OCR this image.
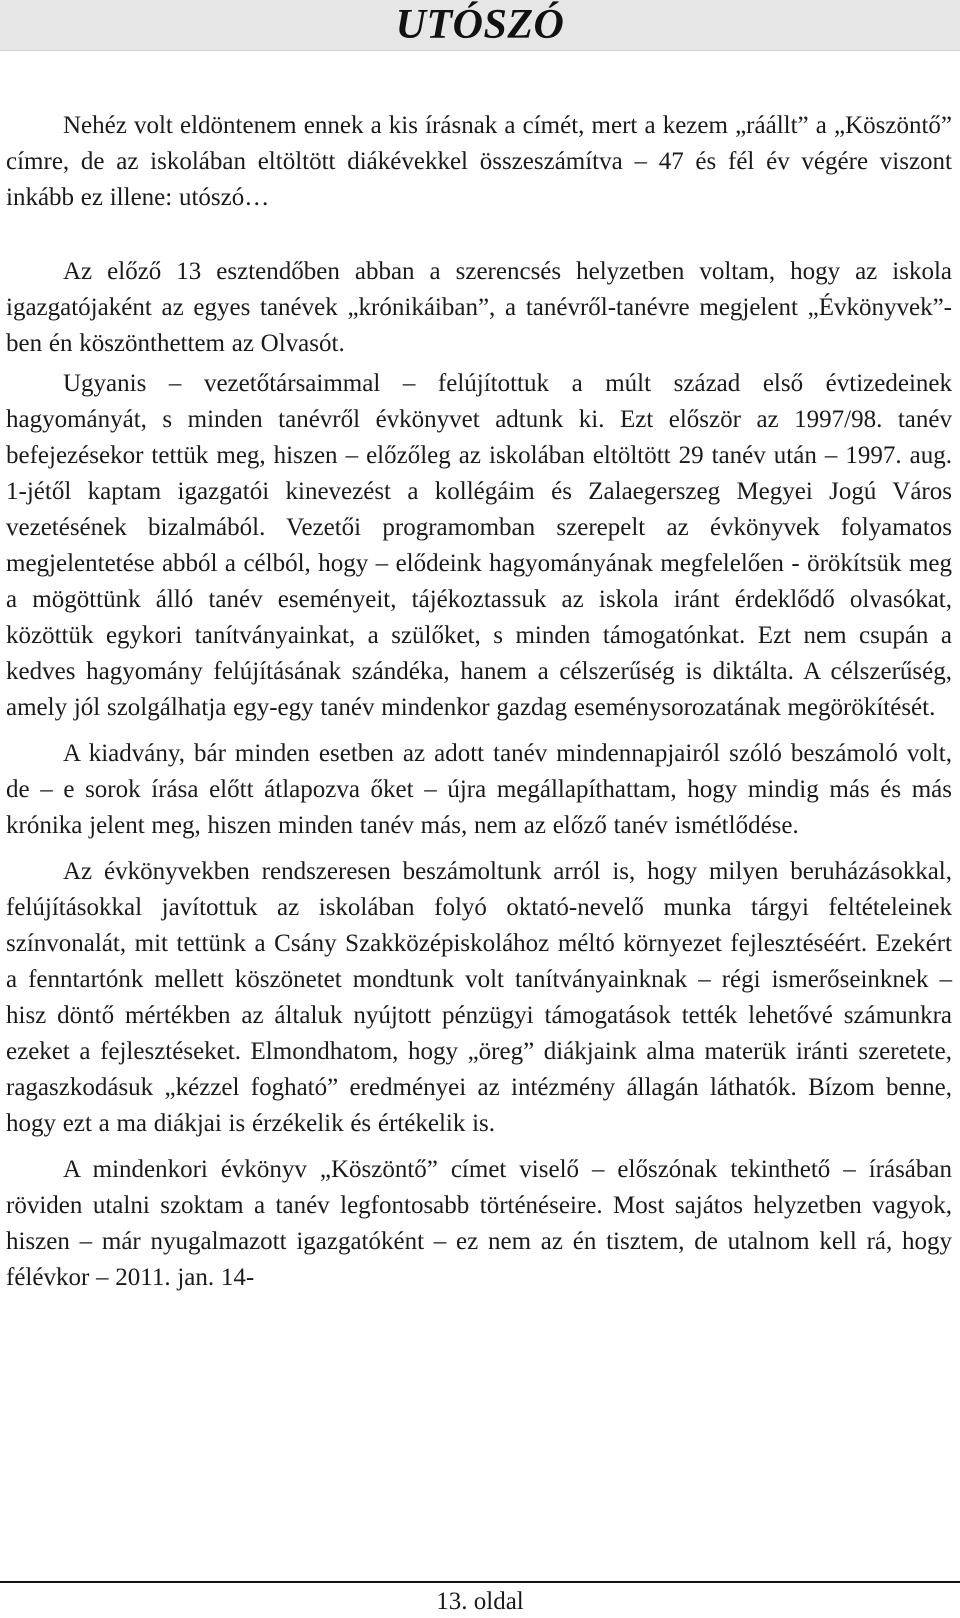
UTÓSZÓ

Nehéz volt eldöntenem ennek a kis írásnak a címét, mert a kezem „ráállt” a „Köszöntő” címre, de az iskolában eltöltött diákévekkel összeszámítva – 47 és fél év végére viszont inkább ez illene: utószó…

Az előző 13 esztendőben abban a szerencsés helyzetben voltam, hogy az iskola igazgatójaként az egyes tanévek „krónikáiban”, a tanévről-tanévre megjelent „Évkönyvek”-ben én köszönthettem az Olvasót.

Ugyanis – vezetőtársaimmal – felújítottuk a múlt század első évtizedeinek hagyományát, s minden tanévről évkönyvet adtunk ki. Ezt először az 1997/98. tanév befejezésekor tettük meg, hiszen – előzőleg az iskolában eltöltött 29 tanév után – 1997. aug. 1-jétől kaptam igazgatói kinevezést a kollégáim és Zalaegerszeg Megyei Jogú Város vezetésének bizalmából. Vezetői programomban szerepelt az évkönyvek folyamatos megjelentetése abból a célból, hogy – elődeink hagyományának megfelelően - örökítsük meg a mögöttünk álló tanév eseményeit, tájékoztassuk az iskola iránt érdeklődő olvasókat, közöttük egykori tanítványainkat, a szülőket, s minden támogatónkat. Ezt nem csupán a kedves hagyomány felújításának szándéka, hanem a célszerűség is diktálta. A célszerűség, amely jól szolgálhatja egy-egy tanév mindenkor gazdag eseménysorozatának megörökítését.

A kiadvány, bár minden esetben az adott tanév mindennapjairól szóló beszámoló volt, de – e sorok írása előtt átlapozva őket – újra megállapíthattam, hogy mindig más és más krónika jelent meg, hiszen minden tanév más, nem az előző tanév ismétlődése.

Az évkönyvekben rendszeresen beszámoltunk arról is, hogy milyen beruházásokkal, felújításokkal javítottuk az iskolában folyó oktató-nevelő munka tárgyi feltételeinek színvonalát, mit tettünk a Csány Szakközépiskolához méltó környezet fejlesztéséért. Ezekért a fenntartónk mellett köszönetet mondtunk volt tanítványainknak – régi ismerőseinknek – hisz döntő mértékben az általuk nyújtott pénzügyi támogatások tették lehetővé számunkra ezeket a fejlesztéseket. Elmondhatom, hogy „öreg” diákjaink alma materük iránti szeretete, ragaszkodásuk „kézzel fogható” eredményei az intézmény állagán láthatók. Bízom benne, hogy ezt a ma diákjai is érzékelik és értékelik is.

A mindenkori évkönyv „Köszöntő” címet viselő – előszónak tekinthető – írásában röviden utalni szoktam a tanév legfontosabb történéseire. Most sajátos helyzetben vagyok, hiszen – már nyugalmazott igazgatóként – ez nem az én tisztem, de utalnom kell rá, hogy félévkor – 2011. jan. 14-

13. oldal
